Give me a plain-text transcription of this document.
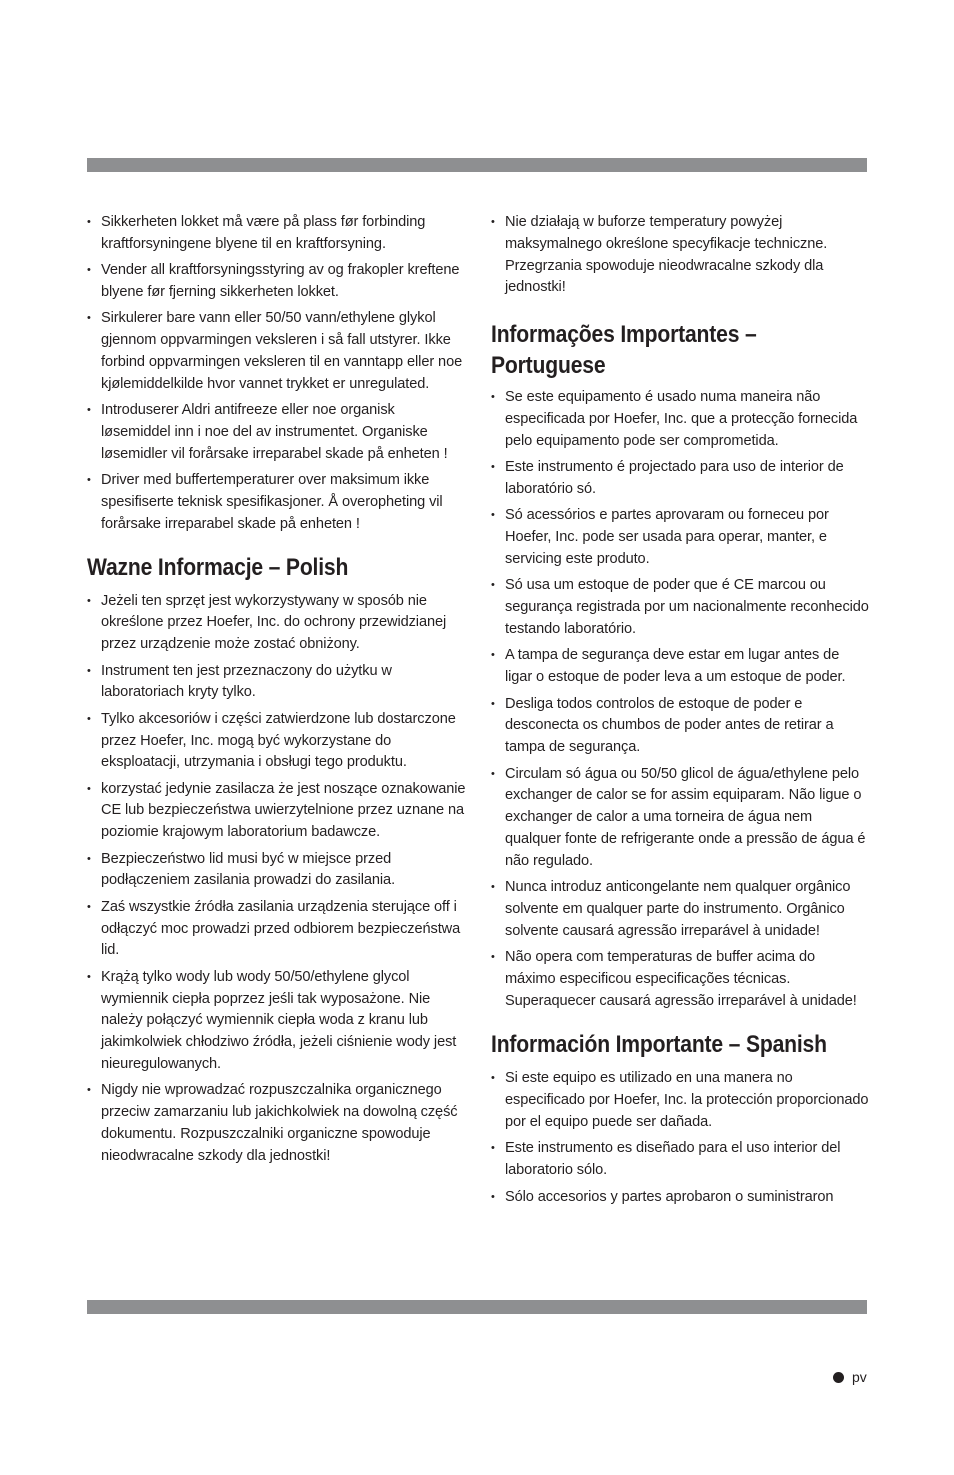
• Sikkerheten lokket må være på plass før forbinding kraftforsyningene blyene til en kraftforsyning.
• Vender all kraftforsyningsstyring av og frakopler kreftene blyene før fjerning sikkerheten lokket.
• Sirkulerer bare vann eller 50/50 vann/ethylene glykol gjennom oppvarmingen veksleren i så fall utstyrer. Ikke forbind oppvarmingen veksleren til en vanntapp eller noe kjølemiddelkilde hvor vannet trykket er unregulated.
• Introduserer Aldri antifreeze eller noe organisk løsemiddel inn i noe del av instrumentet. Organiske løsemidler vil forårsake irreparabel skade på enheten !
• Driver med buffertemperaturer over maksimum ikke spesifiserte teknisk spesifikasjoner. Å overopheting vil forårsake irreparabel skade på enheten !
Wazne Informacje – Polish
• Jeżeli ten sprzęt jest wykorzystywany w sposób nie określone przez Hoefer, Inc. do ochrony przewidzianej przez urządzenie może zostać obniżony.
• Instrument ten jest przeznaczony do użytku w laboratoriach kryty tylko.
• Tylko akcesoriów i części zatwierdzone lub dostarczone przez Hoefer, Inc. mogą być wykorzystane do eksploatacji, utrzymania i obsługi tego produktu.
• korzystać jedynie zasilacza że jest noszące oznakowanie CE lub bezpieczeństwa uwierzytelnione przez uznane na poziomie krajowym laboratorium badawcze.
• Bezpieczeństwo lid musi być w miejsce przed podłączeniem zasilania prowadzi do zasilania.
• Zaś wszystkie źródła zasilania urządzenia sterujące off i odłączyć moc prowadzi przed odbiorem bezpieczeństwa lid.
• Krążą tylko wody lub wody 50/50/ethylene glycol wymiennik ciepła poprzez jeśli tak wyposażone. Nie należy połączyć wymiennik ciepła woda z kranu lub jakimkolwiek chłodziwo źródła, jeżeli ciśnienie wody jest nieuregulowanych.
• Nigdy nie wprowadzać rozpuszczalnika organicznego przeciw zamarzaniu lub jakichkolwiek na dowolną część dokumentu. Rozpuszczalniki organiczne spowoduje nieodwracalne szkody dla jednostki!
• Nie działają w buforze temperatury powyżej maksymalnego określone specyfikacje techniczne. Przegrzania spowoduje nieodwracalne szkody dla jednostki!
Informações Importantes – Portuguese
• Se este equipamento é usado numa maneira não especificada por Hoefer, Inc. que a protecção fornecida pelo equipamento pode ser comprometida.
• Este instrumento é projectado para uso de interior de laboratório só.
• Só acessórios e partes aprovaram ou forneceu por Hoefer, Inc. pode ser usada para operar, manter, e servicing este produto.
• Só usa um estoque de poder que é CE marcou ou segurança registrada por um nacionalmente reconhecido testando laboratório.
• A tampa de segurança deve estar em lugar antes de ligar o estoque de poder leva a um estoque de poder.
• Desliga todos controlos de estoque de poder e desconecta os chumbos de poder antes de retirar a tampa de segurança.
• Circulam só água ou 50/50 glicol de água/ethylene pelo exchanger de calor se for assim equiparam. Não ligue o exchanger de calor a uma torneira de água nem qualquer fonte de refrigerante onde a pressão de água é não regulado.
• Nunca introduz anticongelante nem qualquer orgânico solvente em qualquer parte do instrumento. Orgânico solvente causará agressão irreparável à unidade!
• Não opera com temperaturas de buffer acima do máximo especificou especificações técnicas. Superaquecer causará agressão irreparável à unidade!
Información Importante – Spanish
• Si este equipo es utilizado en una manera no especificado por Hoefer, Inc. la protección proporcionado por el equipo puede ser dañada.
• Este instrumento es diseñado para el uso interior del laboratorio sólo.
• Sólo accesorios y partes aprobaron o suministraron
pv
